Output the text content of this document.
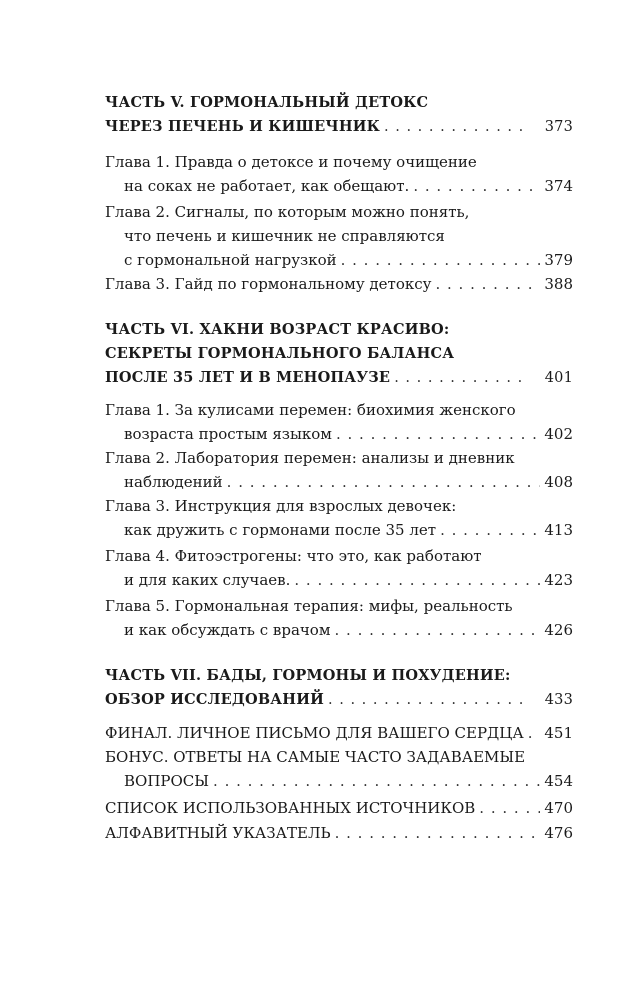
ЧАСТЬ V. ГОРМОНАЛЬНЫЙ ДЕТОКС
ЧЕРЕЗ ПЕЧЕНЬ И КИШЕЧНИК . . .	373
Глава 1. Правда о детоксе и почему очищение
на соках не работает, как обещают. . . .	374
Глава 2. Сигналы, по которым можно понять,
что печень и кишечник не справляются
с гормональной нагрузкой . . .	379
Глава 3. Гайд по гормональному детоксу . . .	388
ЧАСТЬ VI. ХАКНИ ВОЗРАСТ КРАСИВО:
СЕКРЕТЫ ГОРМОНАЛЬНОГО БАЛАНСА
ПОСЛЕ 35 ЛЕТ И В МЕНОПАУЗЕ . . .	401
Глава 1. За кулисами перемен: биохимия женского
возраста простым языком . . .	402
Глава 2. Лаборатория перемен: анализы и дневник
наблюдений . . .	408
Глава 3. Инструкция для взрослых девочек:
как дружить с гормонами после 35 лет . . .	413
Глава 4. Фитоэстрогены: что это, как работают
и для каких случаев. . . .	423
Глава 5. Гормональная терапия: мифы, реальность
и как обсуждать с врачом . . .	426
ЧАСТЬ VII. БАДЫ, ГОРМОНЫ И ПОХУДЕНИЕ:
ОБЗОР ИССЛЕДОВАНИЙ . . .	433
ФИНАЛ. ЛИЧНОЕ ПИСЬМО ДЛЯ ВАШЕГО СЕРДЦА . . . 451
БОНУС. ОТВЕТЫ НА САМЫЕ ЧАСТО ЗАДАВАЕМЫЕ
ВОПРОСЫ . . .	454
СПИСОК ИСПОЛЬЗОВАННЫХ ИСТОЧНИКОВ . . .	470
АЛФАВИТНЫЙ УКАЗАТЕЛЬ . . .	476
